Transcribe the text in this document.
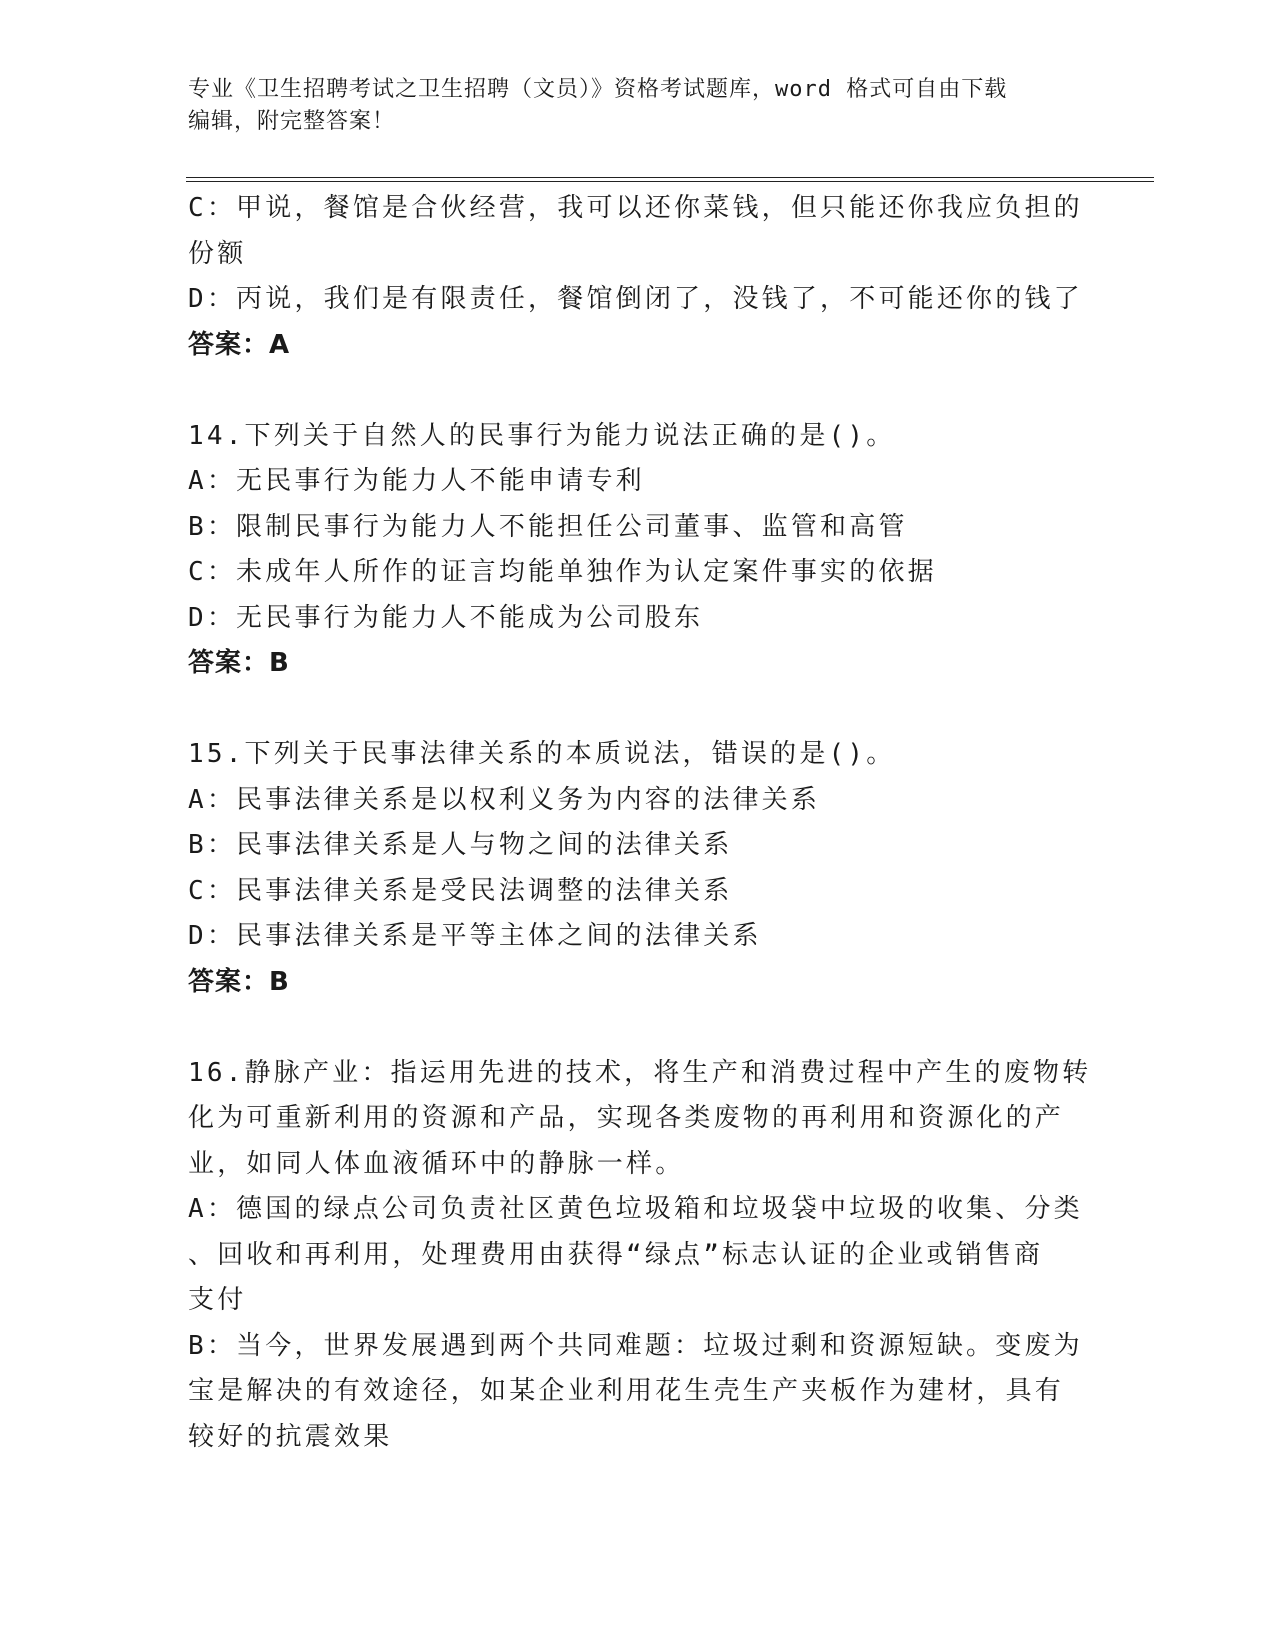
专业《卫生招聘考试之卫生招聘（文员）》资格考试题库，word 格式可自由下载
编辑，附完整答案！
C：甲说，餐馆是合伙经营，我可以还你菜钱，但只能还你我应负担的
份额
D：丙说，我们是有限责任，餐馆倒闭了，没钱了，不可能还你的钱了
答案：A
14.下列关于自然人的民事行为能力说法正确的是()。
A：无民事行为能力人不能申请专利
B：限制民事行为能力人不能担任公司董事、监管和高管
C：未成年人所作的证言均能单独作为认定案件事实的依据
D：无民事行为能力人不能成为公司股东
答案：B
15.下列关于民事法律关系的本质说法，错误的是()。
A：民事法律关系是以权利义务为内容的法律关系
B：民事法律关系是人与物之间的法律关系
C：民事法律关系是受民法调整的法律关系
D：民事法律关系是平等主体之间的法律关系
答案：B
16.静脉产业：指运用先进的技术，将生产和消费过程中产生的废物转
化为可重新利用的资源和产品，实现各类废物的再利用和资源化的产
业，如同人体血液循环中的静脉一样。
A：德国的绿点公司负责社区黄色垃圾箱和垃圾袋中垃圾的收集、分类
、回收和再利用，处理费用由获得“绿点”标志认证的企业或销售商
支付
B：当今，世界发展遇到两个共同难题：垃圾过剩和资源短缺。变废为
宝是解决的有效途径，如某企业利用花生壳生产夹板作为建材，具有
较好的抗震效果
